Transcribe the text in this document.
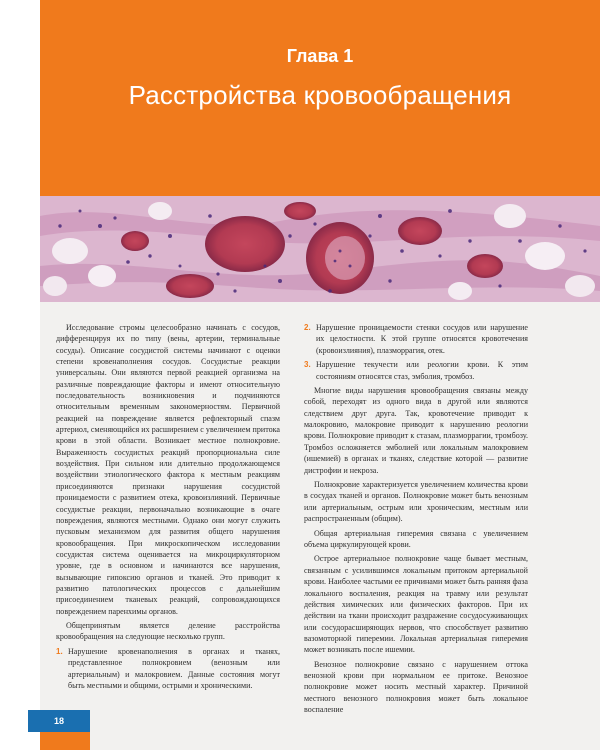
Глава 1
Расстройства кровообращения

Исследование стромы целесообразно начинать с сосудов, дифференцируя их по типу (вены, артерии, терминальные сосуды). Описание сосудистой системы начинают с оценки степени кровенаполнения сосудов. Сосудистые реакции универсальны. Они являются первой реакцией организма на различные повреждающие факторы и имеют относительную последовательность возникновения и подчиняются относительным временным закономерностям. Первичной реакцией на повреждение является рефлекторный спазм артериол, сменяющийся их расширением с увеличением притока крови в этой области. Возникает местное полнокровие. Выраженность сосудистых реакций пропорциональна силе воздействия. При сильном или длительно продолжающемся воздействии этиологического фактора к местным реакциям присоединяются признаки нарушения сосудистой проницаемости с развитием отека, кровоизлияний. Первичные сосудистые реакции, первоначально возникающие в очаге повреждения, являются местными. Однако они могут служить пусковым механизмом для развития общего нарушения кровообращения. При микроскопическом исследовании сосудистая система оценивается на микроциркуляторном уровне, где в основном и начинаются все нарушения, вызывающие гипоксию органов и тканей. Это приводит к развитию патологических процессов с дальнейшим присоединением тканевых реакций, сопровождающихся повреждением паренхимы органов.

Общепринятым является деление расстройства кровообращения на следующие несколько групп.

1. Нарушение кровенаполнения в органах и тканях, представленное полнокровием (венозным или артериальным) и малокровием. Данные состояния могут быть местными и общими, острыми и хроническими.
2. Нарушение проницаемости стенки сосудов или нарушение их целостности. К этой группе относятся кровотечения (кровоизлияния), плазморрагия, отек.
3. Нарушение текучести или реологии крови. К этим состояниям относятся стаз, эмболия, тромбоз.

Многие виды нарушения кровообращения связаны между собой, переходят из одного вида в другой или являются следствием друг друга. Так, кровотечение приводит к малокровию, малокровие приводит к нарушению реологии крови. Полнокровие приводит к стазам, плазморрагии, тромбозу. Тромбоз осложняется эмболией или локальным малокровием (ишемией) в органах и тканях, следствие которой — развитие дистрофии и некроза.

Полнокровие характеризуется увеличением количества крови в сосудах тканей и органов. Полнокровие может быть венозным или артериальным, острым или хроническим, местным или распространенным (общим).

Общая артериальная гиперемия связана с увеличением объема циркулирующей крови.

Острое артериальное полнокровие чаще бывает местным, связанным с усилившимся локальным притоком артериальной крови. Наиболее частыми ее причинами может быть ранняя фаза локального воспаления, реакция на травму или результат действия химических или физических факторов. При их действии на ткани происходит раздражение сосудосуживающих или сосудорасширяющих нервов, что способствует развитию вазомоторной гиперемии. Локальная артериальная гиперемия может возникать после ишемии.

Венозное полнокровие связано с нарушением оттока венозной крови при нормальном ее притоке. Венозное полнокровие может носить местный характер. Причиной местного венозного полнокровия может быть локальное воспаление

18
